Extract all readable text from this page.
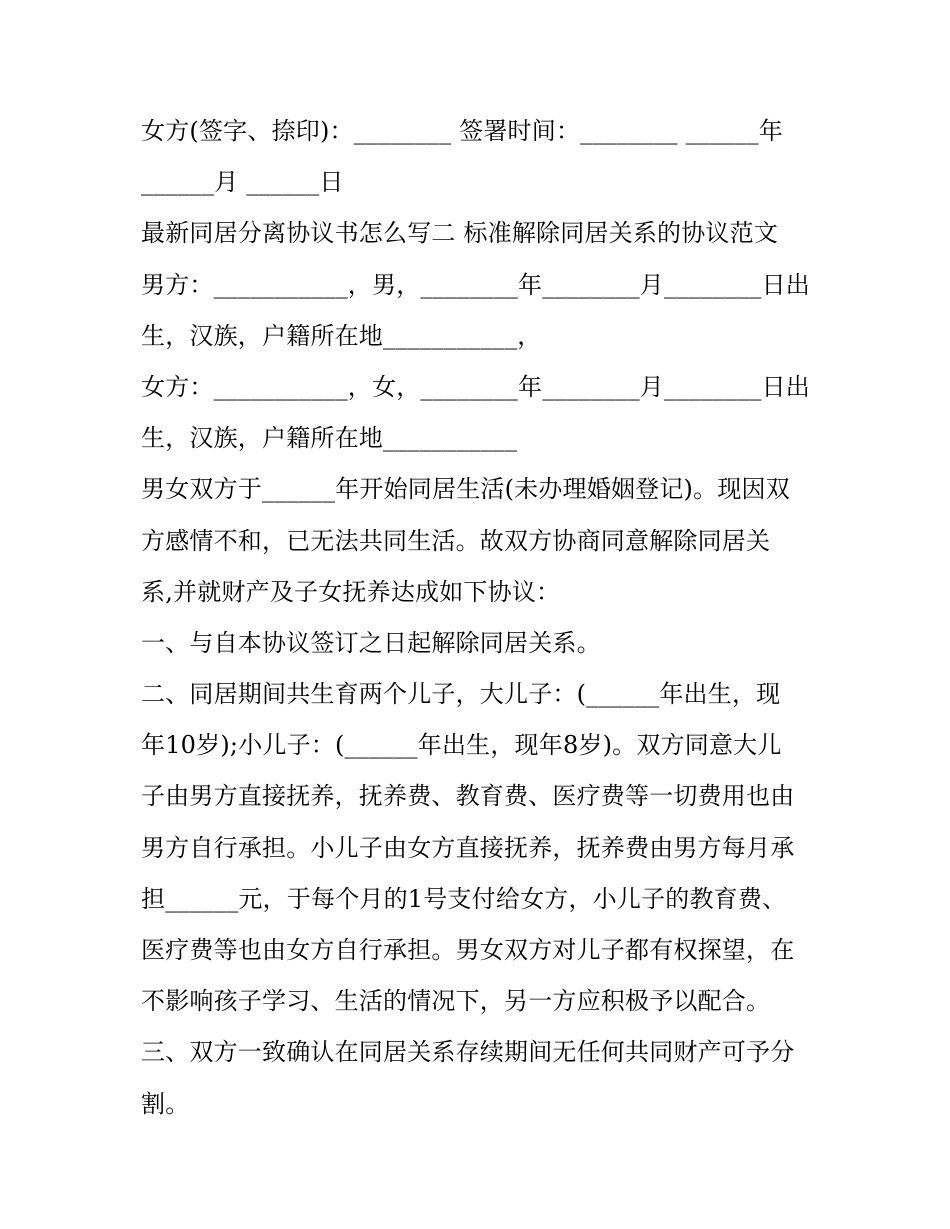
女方(签字、捺印)：________ 签署时间：________ ______年
______月 ______日
最新同居分离协议书怎么写二 标准解除同居关系的协议范文
男方：___________，男，________年________月________日出
生，汉族，户籍所在地___________，
女方：___________，女，________年________月________日出
生，汉族，户籍所在地___________
男女双方于______年开始同居生活(未办理婚姻登记)。现因双
方感情不和，已无法共同生活。故双方协商同意解除同居关
系,并就财产及子女抚养达成如下协议：
一、与自本协议签订之日起解除同居关系。
二、同居期间共生育两个儿子，大儿子：(______年出生，现
年10岁);小儿子：(______年出生，现年8岁)。双方同意大儿
子由男方直接抚养，抚养费、教育费、医疗费等一切费用也由
男方自行承担。小儿子由女方直接抚养，抚养费由男方每月承
担______元，于每个月的1号支付给女方，小儿子的教育费、
医疗费等也由女方自行承担。男女双方对儿子都有权探望，在
不影响孩子学习、生活的情况下，另一方应积极予以配合。
三、双方一致确认在同居关系存续期间无任何共同财产可予分
割。
